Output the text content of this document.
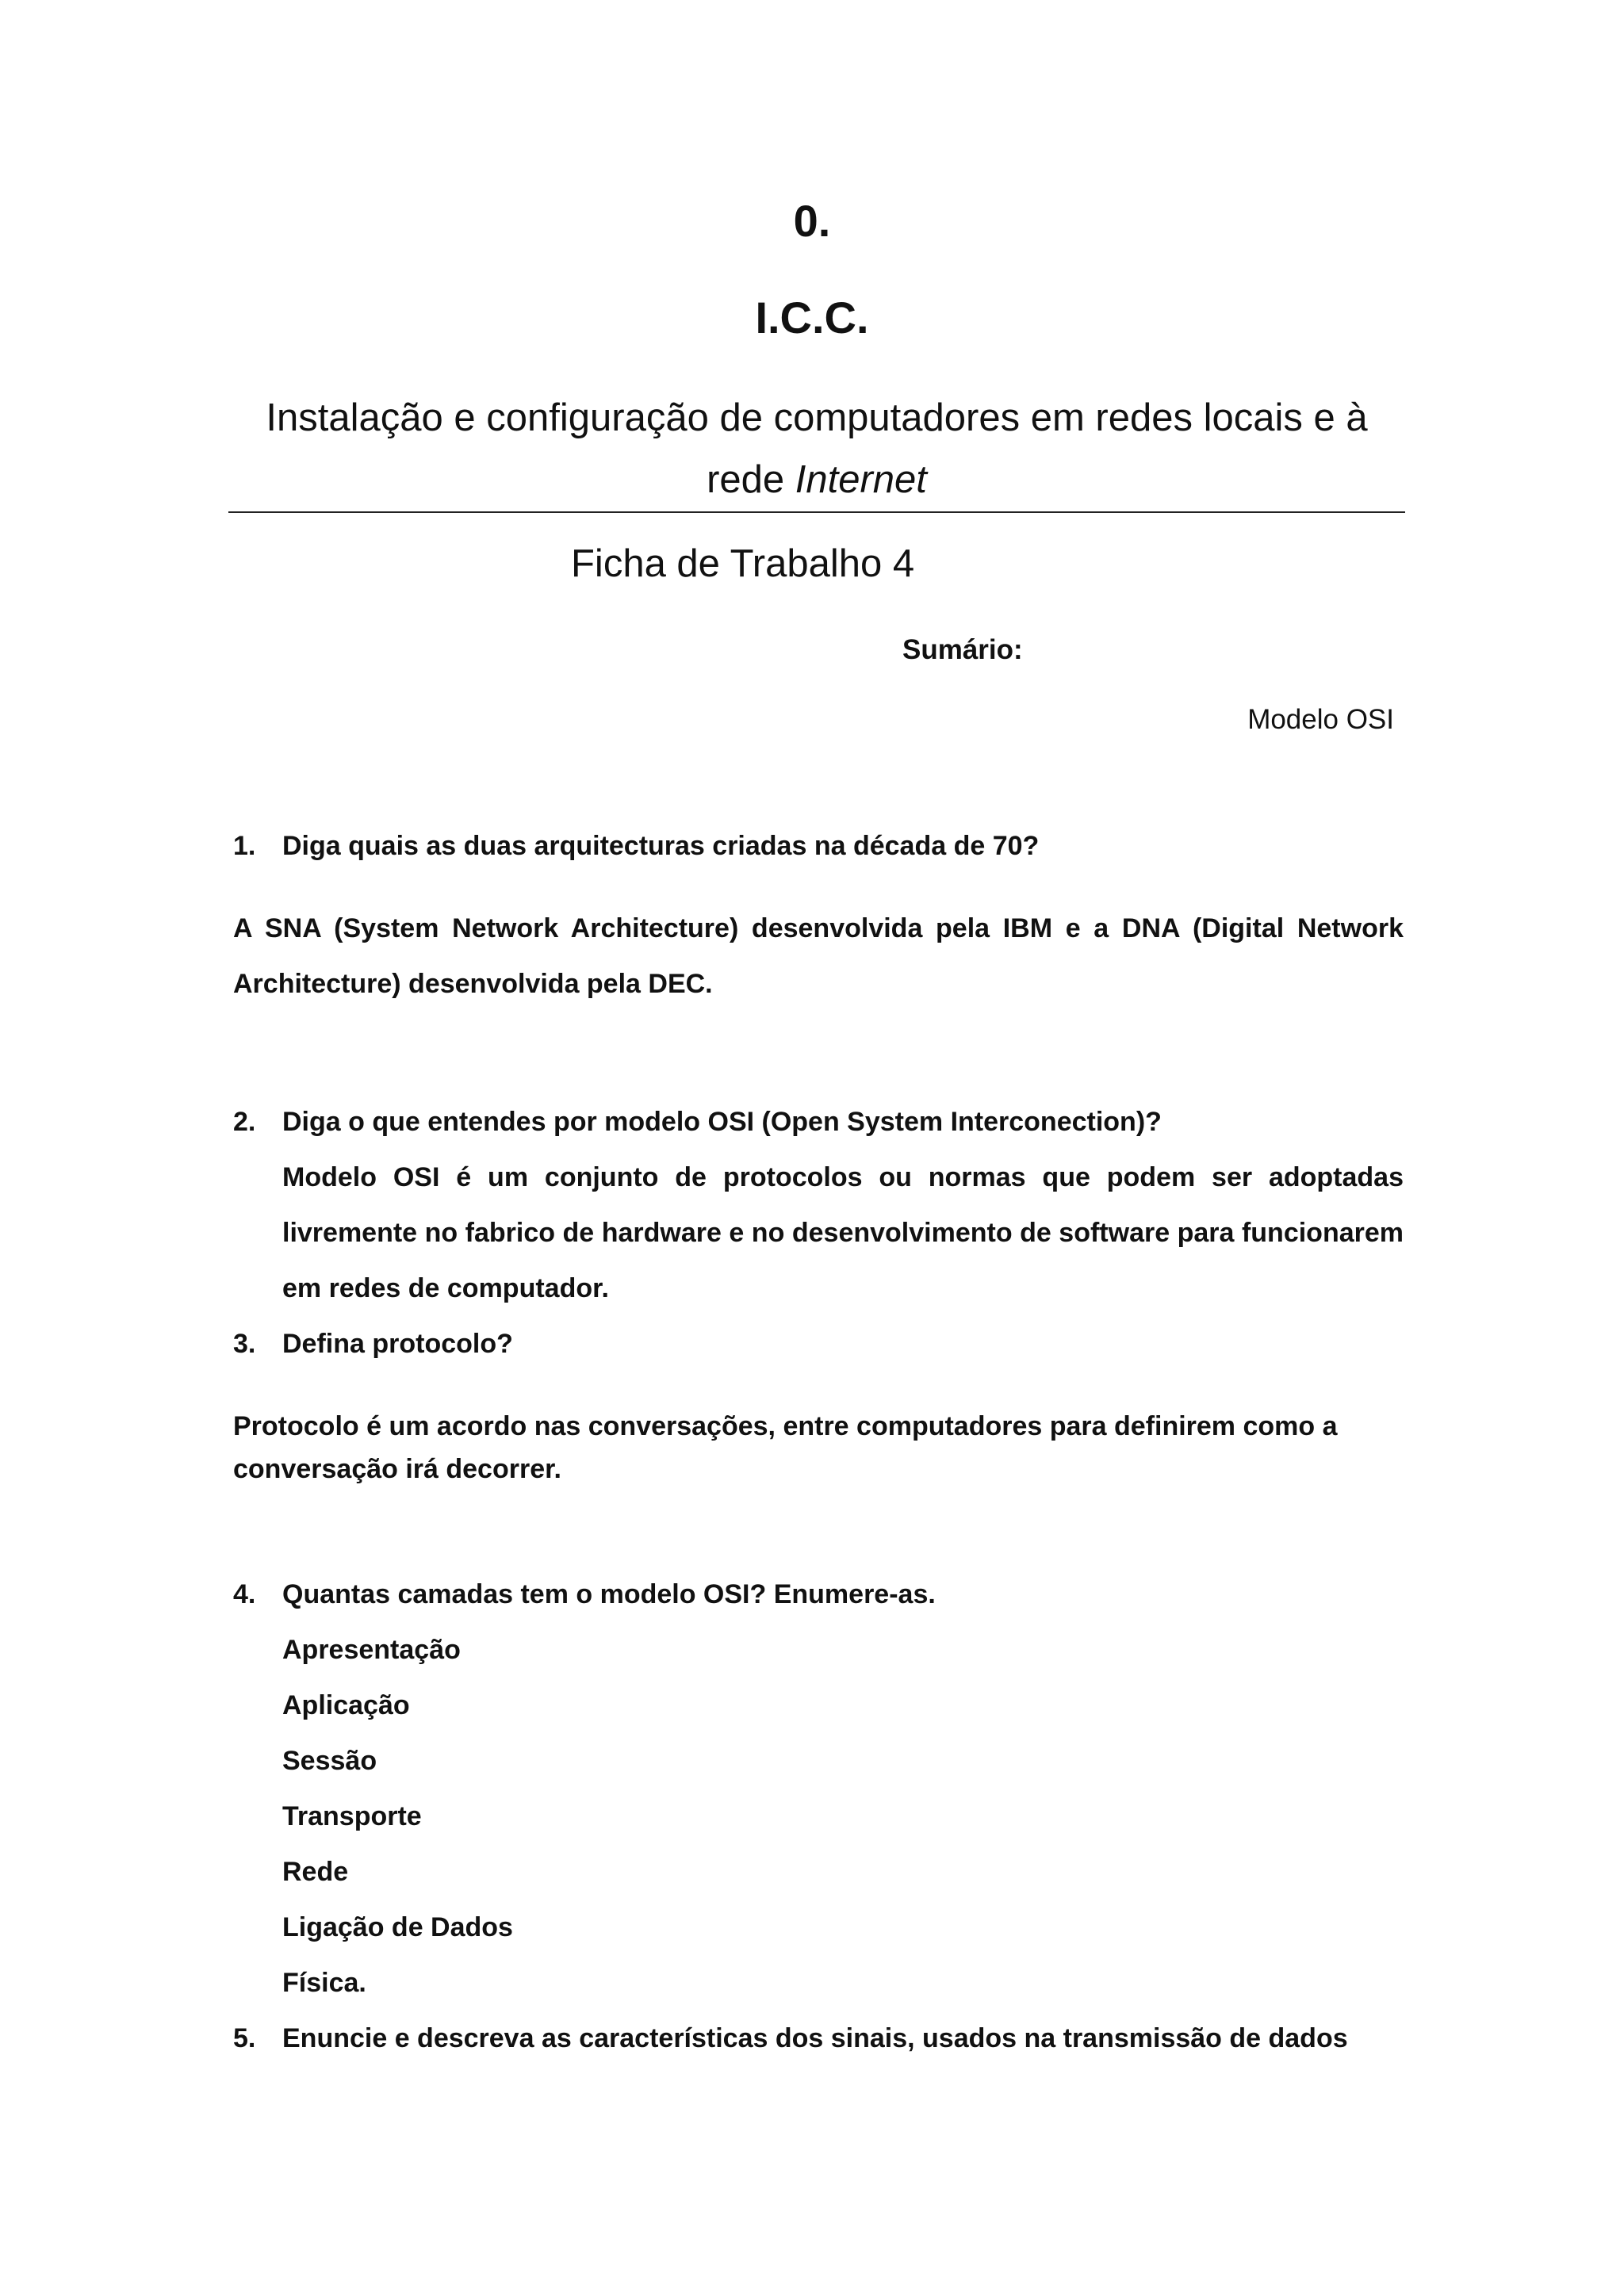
0.
I.C.C.
Instalação e configuração de computadores em redes locais e à
rede Internet
Ficha de Trabalho 4
Sumário:
Modelo OSI
1. Diga quais as duas arquitecturas criadas na década de 70?
A SNA (System Network Architecture) desenvolvida pela IBM e a DNA (Digital Network
Architecture) desenvolvida pela DEC.
2. Diga o que entendes por modelo OSI (Open System Interconection)?
Modelo OSI é um conjunto de protocolos ou normas que podem ser adoptadas
livremente no fabrico de hardware e no desenvolvimento de software para funcionarem
em redes de computador.
3. Defina protocolo?
Protocolo é um acordo nas conversações, entre computadores para definirem como a
conversação irá decorrer.
4. Quantas camadas tem o modelo OSI? Enumere-as.
Apresentação
Aplicação
Sessão
Transporte
Rede
Ligação de Dados
Física.
5. Enuncie e descreva as características dos sinais, usados na transmissão de dados
